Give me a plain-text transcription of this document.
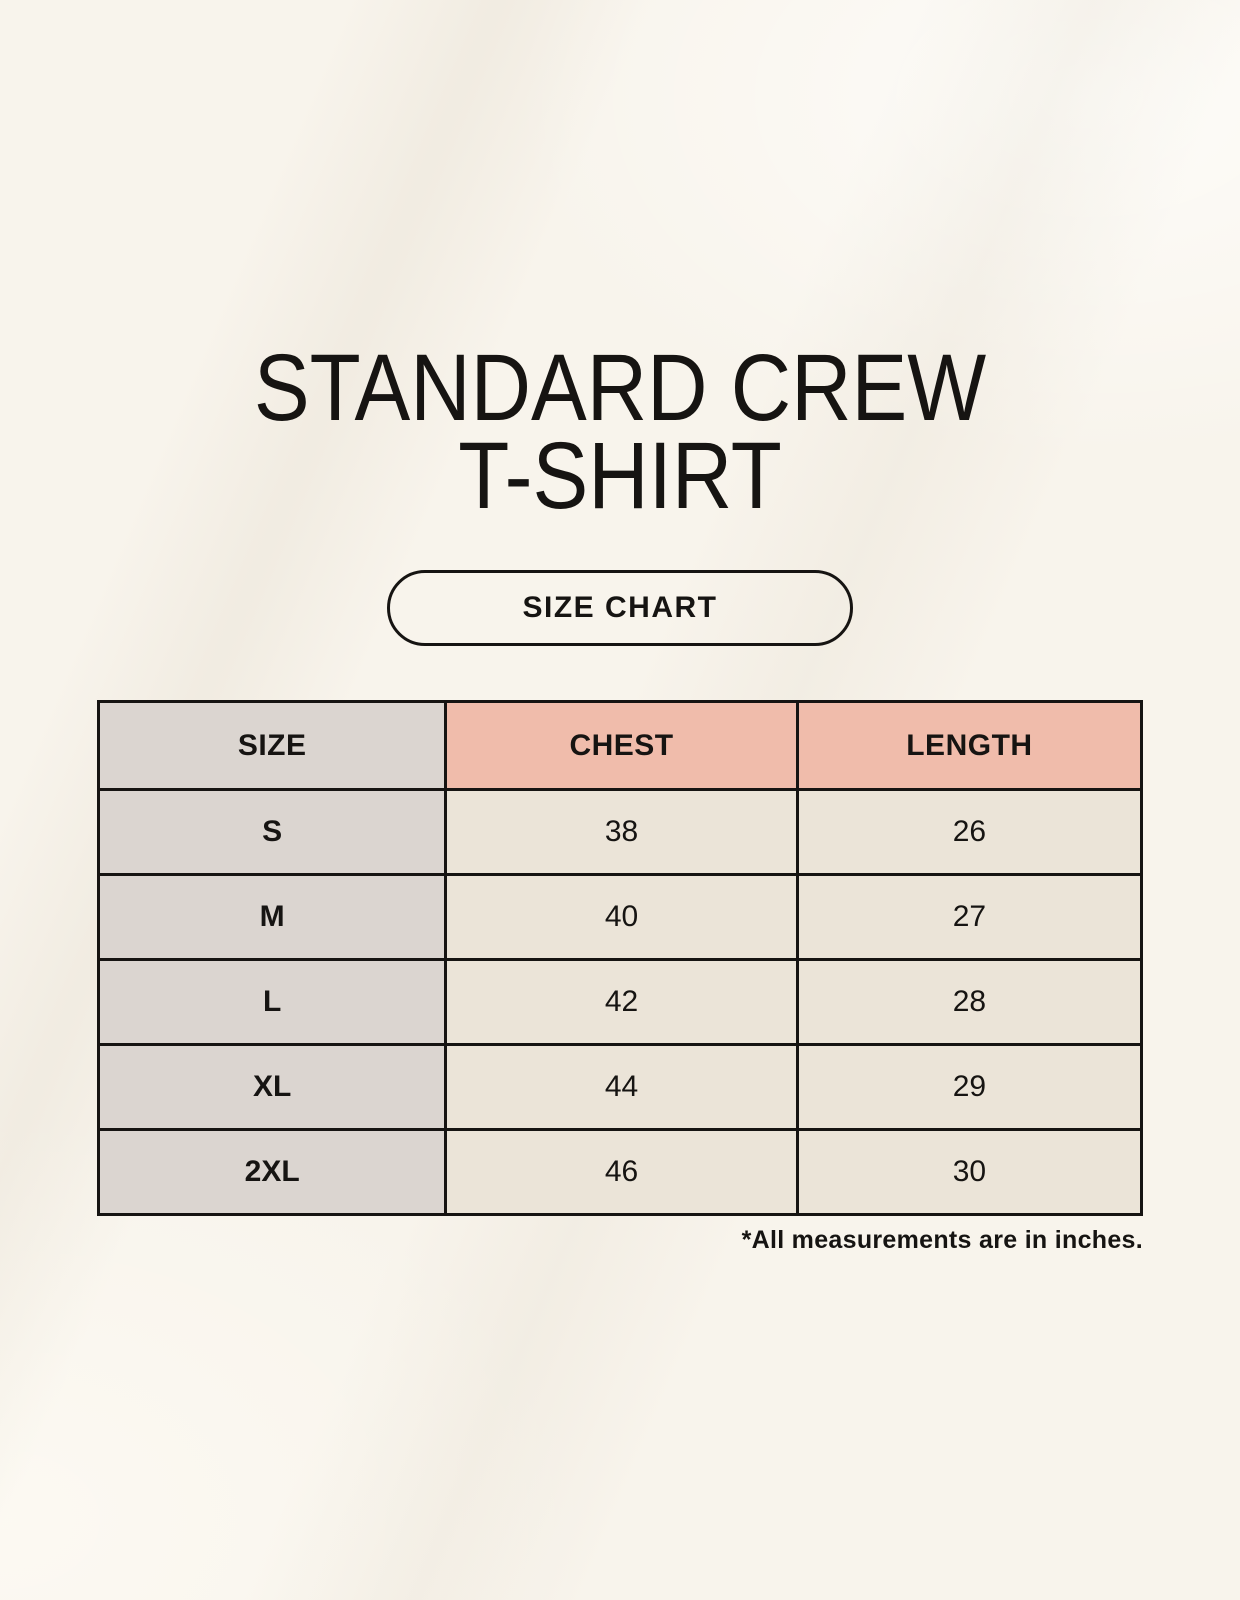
STANDARD CREW
T-SHIRT
SIZE CHART
SIZE	CHEST	LENGTH
S	38	26
M	40	27
L	42	28
XL	44	29
2XL	46	30
*All measurements are in inches.
